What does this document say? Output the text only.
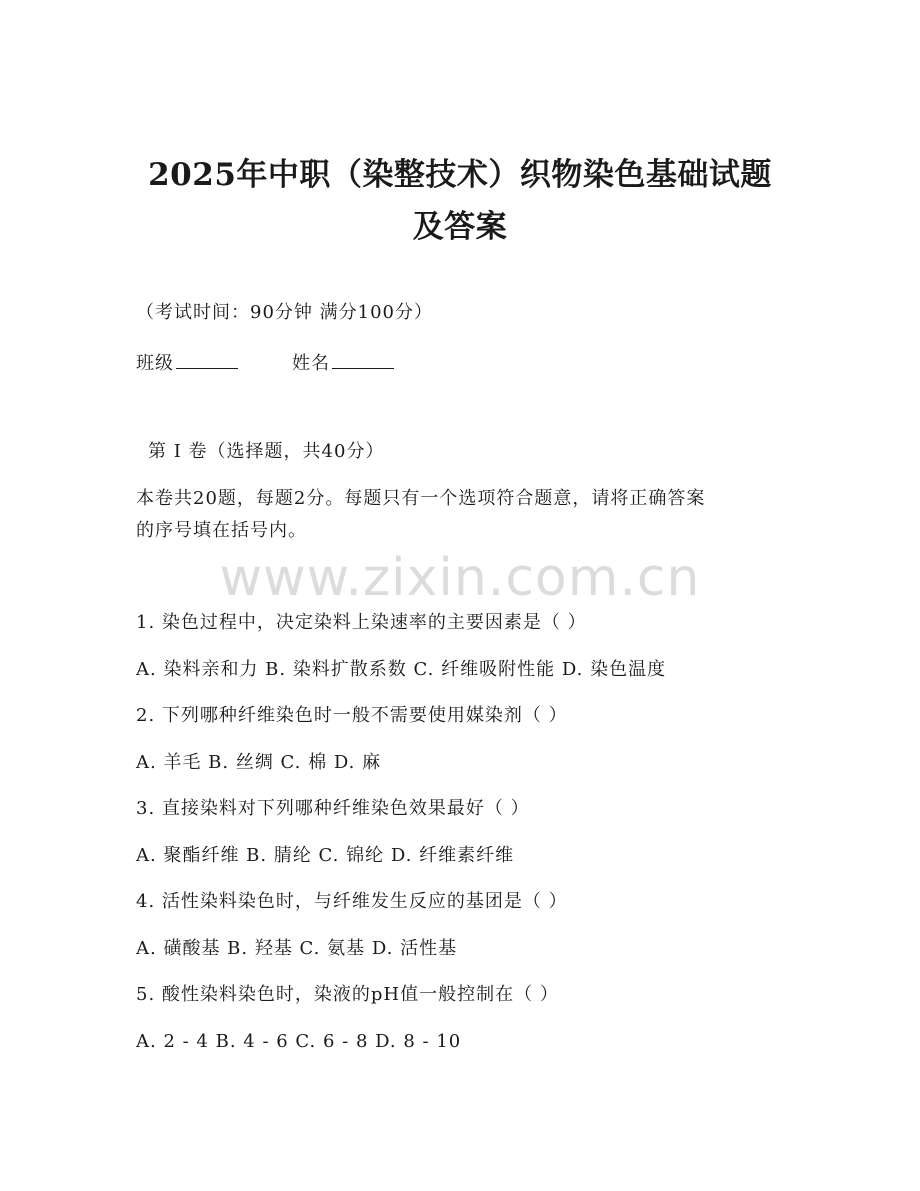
2025年中职（染整技术）织物染色基础试题
及答案
（考试时间：90分钟 满分100分）
班级	姓名
第 I 卷（选择题，共40分）
本卷共20题，每题2分。每题只有一个选项符合题意，请将正确答案
的序号填在括号内。
www.zixin.com.cn
1. 染色过程中，决定染料上染速率的主要因素是（ ）
A. 染料亲和力 B. 染料扩散系数 C. 纤维吸附性能 D. 染色温度
2. 下列哪种纤维染色时一般不需要使用媒染剂（ ）
A. 羊毛 B. 丝绸 C. 棉 D. 麻
3. 直接染料对下列哪种纤维染色效果最好（ ）
A. 聚酯纤维 B. 腈纶 C. 锦纶 D. 纤维素纤维
4. 活性染料染色时，与纤维发生反应的基团是（ ）
A. 磺酸基 B. 羟基 C. 氨基 D. 活性基
5. 酸性染料染色时，染液的pH值一般控制在（ ）
A. 2 - 4 B. 4 - 6 C. 6 - 8 D. 8 - 10
